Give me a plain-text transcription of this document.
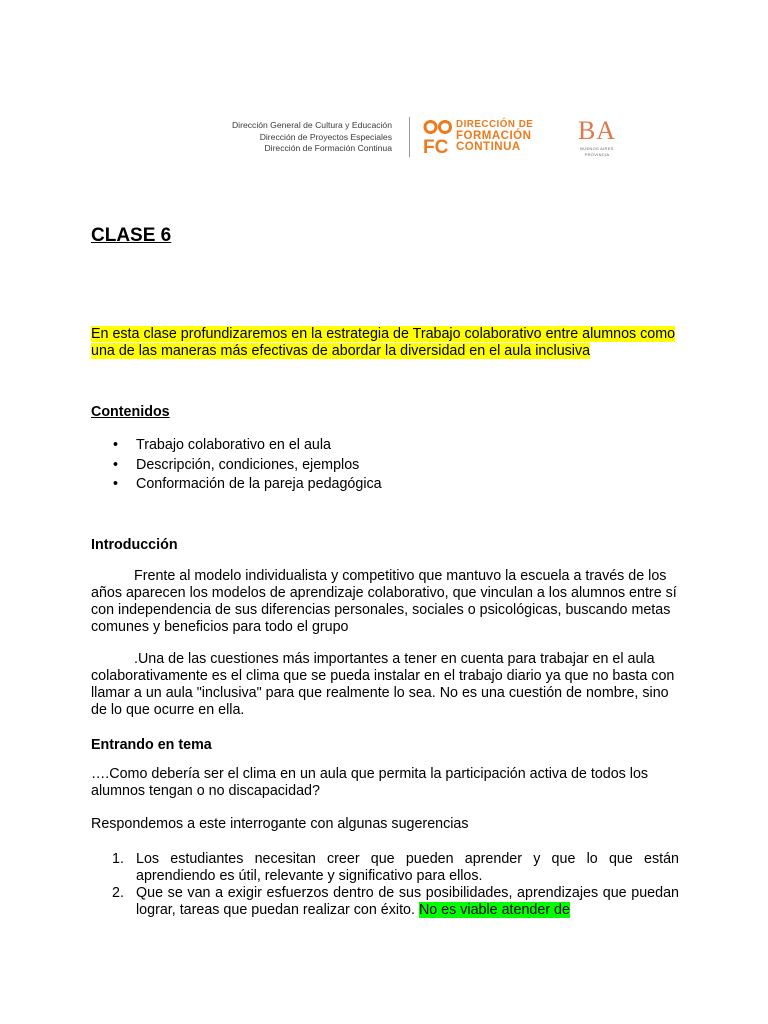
Dirección General de Cultura y Educación
Dirección de Proyectos Especiales
Dirección de Formación Continua FC
DIRECCIÓN DE
FORMACIÓN
CONTINUA
BA
BUENOS AIRES PROVINCIA
CLASE 6

En esta clase profundizaremos en la estrategia de Trabajo colaborativo entre alumnos como una de las maneras más efectivas de abordar la diversidad en el aula inclusiva

Contenidos

• Trabajo colaborativo en el aula
• Descripción, condiciones, ejemplos
• Conformación de la pareja pedagógica

Introducción

Frente al modelo individualista y competitivo que mantuvo la escuela a través de los años aparecen los modelos de aprendizaje colaborativo, que vinculan a los alumnos entre sí con independencia de sus diferencias personales, sociales o psicológicas, buscando metas comunes y beneficios para todo el grupo

.Una de las cuestiones más importantes a tener en cuenta para trabajar en el aula colaborativamente es el clima que se pueda instalar en el trabajo diario ya que no basta con llamar a un aula "inclusiva" para que realmente lo sea. No es una cuestión de nombre, sino de lo que ocurre en ella.

Entrando en tema

….Como debería ser el clima en un aula que permita la participación activa de todos los alumnos tengan o no discapacidad?

Respondemos a este interrogante con algunas sugerencias

1. Los estudiantes necesitan creer que pueden aprender y que lo que están aprendiendo es útil, relevante y significativo para ellos.
2. Que se van a exigir esfuerzos dentro de sus posibilidades, aprendizajes que puedan lograr, tareas que puedan realizar con éxito. No es viable atender de
